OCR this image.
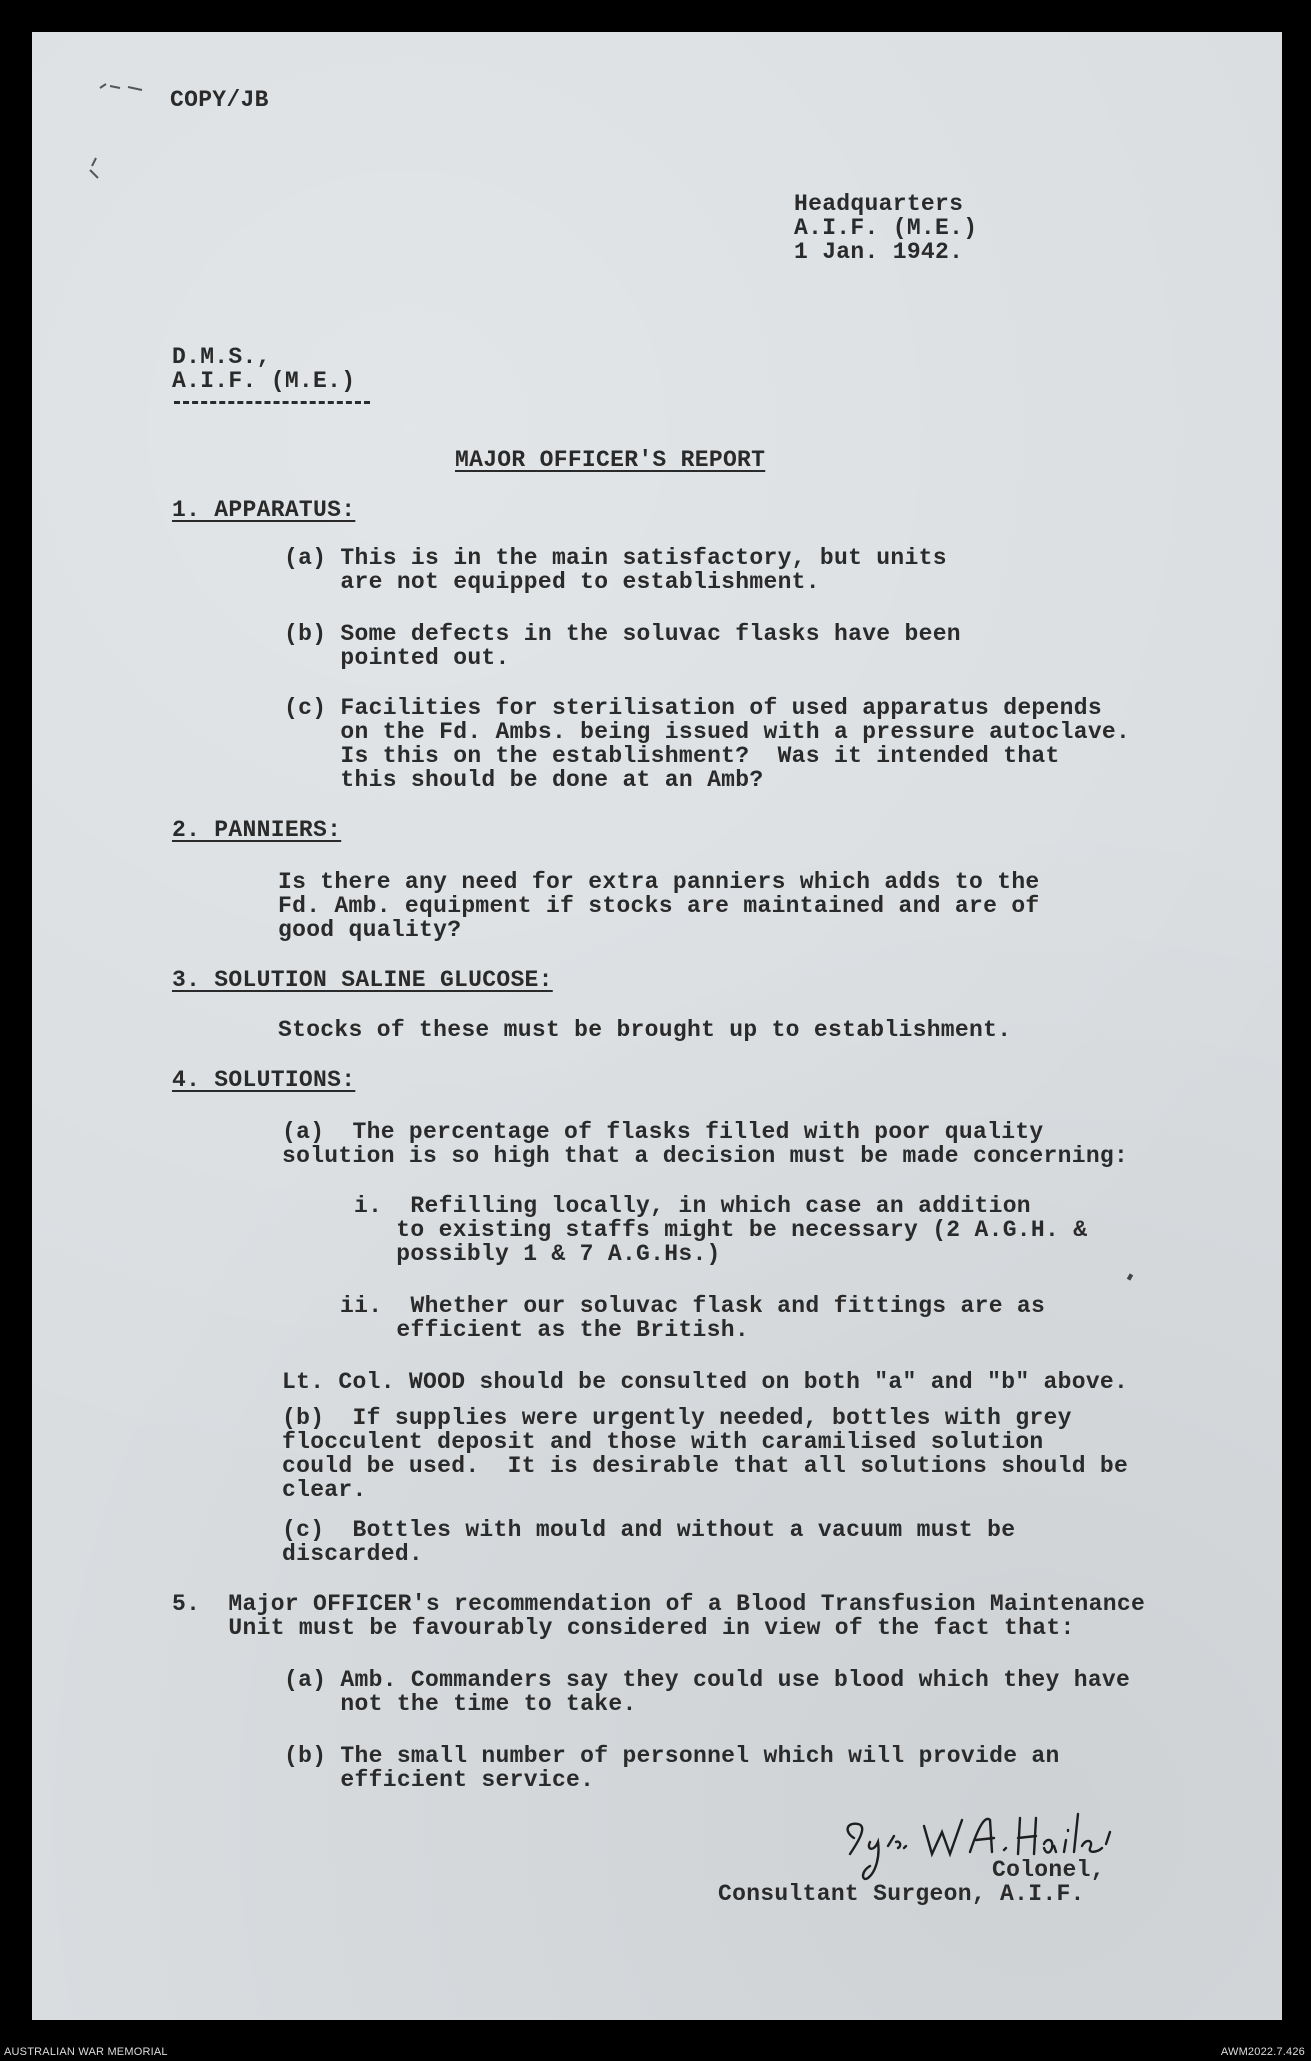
COPY/JB
Headquarters
A.I.F. (M.E.)
1 Jan. 1942.
D.M.S.,
A.I.F. (M.E.)
MAJOR OFFICER'S REPORT
1. APPARATUS:
(a) This is in the main satisfactory, but units
are not equipped to establishment.
(b) Some defects in the soluvac flasks have been
pointed out.
(c) Facilities for sterilisation of used apparatus depends
on the Fd. Ambs. being issued with a pressure autoclave.
Is this on the establishment?  Was it intended that
this should be done at an Amb?
2. PANNIERS:
Is there any need for extra panniers which adds to the
Fd. Amb. equipment if stocks are maintained and are of
good quality?
3. SOLUTION SALINE GLUCOSE:
Stocks of these must be brought up to establishment.
4. SOLUTIONS:
(a)  The percentage of flasks filled with poor quality
solution is so high that a decision must be made concerning:
i.  Refilling locally, in which case an addition
to existing staffs might be necessary (2 A.G.H. &
possibly 1 & 7 A.G.Hs.)
ii.  Whether our soluvac flask and fittings are as
efficient as the British.
Lt. Col. WOOD should be consulted on both "a" and "b" above.
(b)  If supplies were urgently needed, bottles with grey
flocculent deposit and those with caramilised solution
could be used.  It is desirable that all solutions should be
clear.
(c)  Bottles with mould and without a vacuum must be
discarded.
5.  Major OFFICER's recommendation of a Blood Transfusion Maintenance
Unit must be favourably considered in view of the fact that:
(a) Amb. Commanders say they could use blood which they have
not the time to take.
(b) The small number of personnel which will provide an
efficient service.
Colonel,
Consultant Surgeon, A.I.F.
AUSTRALIAN WAR MEMORIAL	AWM2022.7.426
